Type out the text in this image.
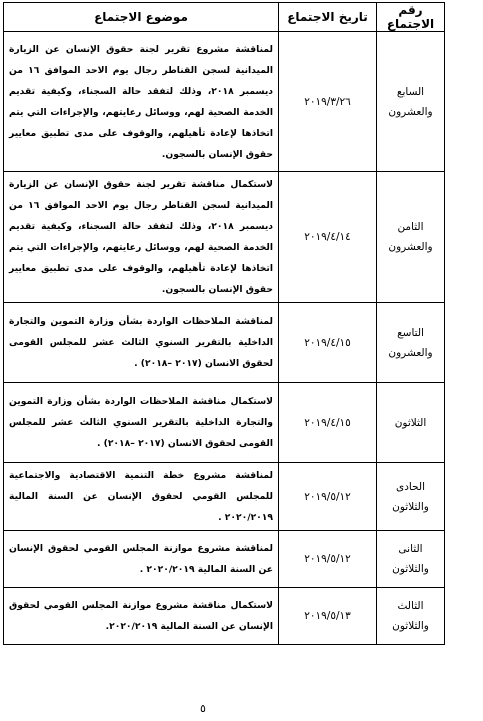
رقم الاجتماع	تاريخ الاجتماع	موضوع الاجتماع
السابع والعشرون	٢٠١٩/٣/٢٦	لمناقشة مشروع تقرير لجنة حقوق الإنسان عن الزيارة الميدانية لسجن القناطر رجال يوم الاحد الموافق ١٦ من ديسمبر ٢٠١٨، وذلك لتفقد حالة السجناء، وكيفية تقديم الخدمة الصحية لهم، ووسائل رعايتهم، والإجراءات التي يتم اتخاذها لإعادة تأهيلهم، والوقوف على مدى تطبيق معايير حقوق الإنسان بالسجون.
الثامن والعشرون	٢٠١٩/٤/١٤	لاستكمال مناقشة تقرير لجنة حقوق الإنسان عن الزيارة الميدانية لسجن القناطر رجال يوم الاحد الموافق ١٦ من ديسمبر ٢٠١٨، وذلك لتفقد حالة السجناء، وكيفية تقديم الخدمة الصحية لهم، ووسائل رعايتهم، والإجراءات التي يتم اتخاذها لإعادة تأهيلهم، والوقوف على مدى تطبيق معايير حقوق الإنسان بالسجون.
التاسع والعشرون	٢٠١٩/٤/١٥	لمناقشة الملاحظات الواردة بشأن وزارة التموين والتجارة الداخلية بالتقرير السنوي الثالث عشر للمجلس القومى لحقوق الانسان (٢٠١٧ –٢٠١٨) .
الثلاثون	٢٠١٩/٤/١٥	لاستكمال مناقشة الملاحظات الواردة بشأن وزارة التموين والتجارة الداخلية بالتقرير السنوي الثالث عشر للمجلس القومى لحقوق الانسان (٢٠١٧ –٢٠١٨) .
الحادى والثلاثون	٢٠١٩/٥/١٢	لمناقشة مشروع خطة التنمية الاقتصادية والاجتماعية للمجلس القومي لحقوق الإنسان عن السنة المالية ٢٠٢٠/٢٠١٩ .
الثانى والثلاثون	٢٠١٩/٥/١٢	لمناقشة مشروع موازنة المجلس القومي لحقوق الإنسان عن السنة المالية ٢٠٢٠/٢٠١٩ .
الثالث والثلاثون	٢٠١٩/٥/١٣	لاستكمال مناقشة مشروع موازنة المجلس القومي لحقوق الإنسان عن السنة المالية ٢٠٢٠/٢٠١٩.
٥
